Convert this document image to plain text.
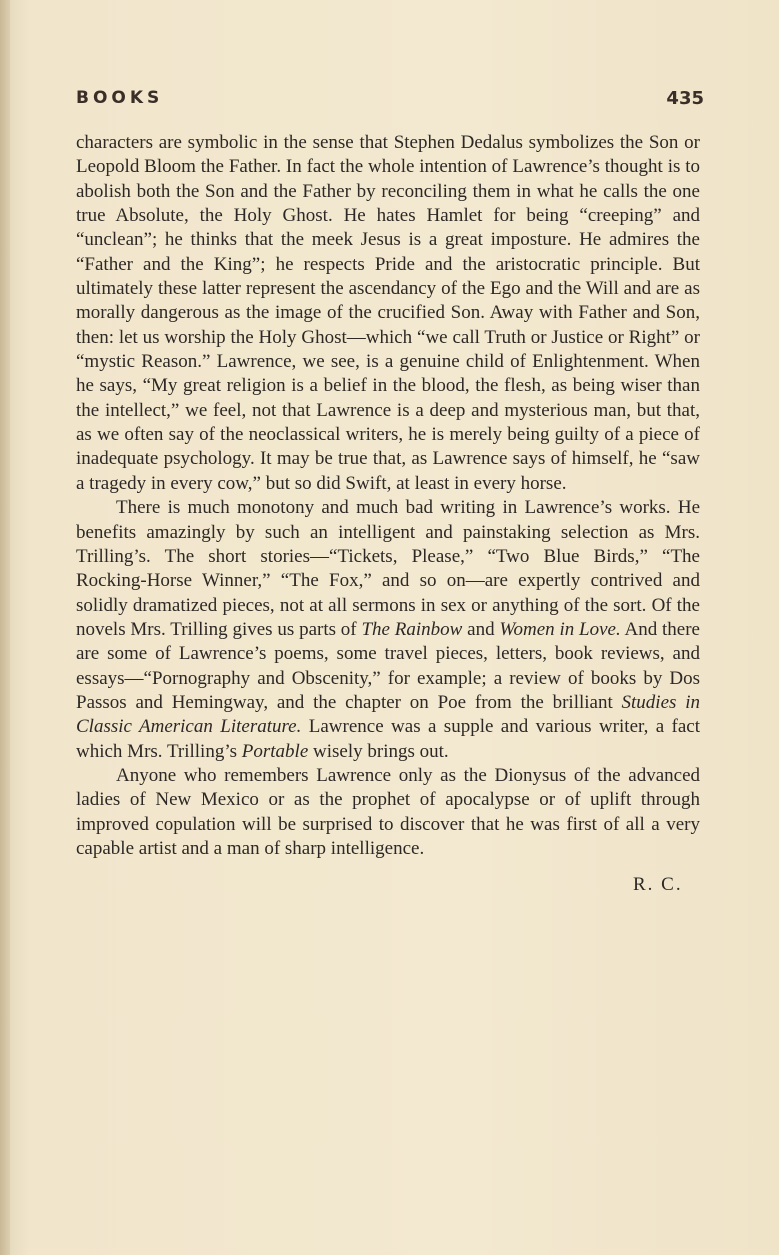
BOOKS	435

characters are symbolic in the sense that Stephen Dedalus symbolizes the Son or Leopold Bloom the Father. In fact the whole intention of Lawrence’s thought is to abolish both the Son and the Father by reconciling them in what he calls the one true Absolute, the Holy Ghost. He hates Hamlet for being “creeping” and “unclean”; he thinks that the meek Jesus is a great imposture. He admires the “Father and the King”; he respects Pride and the aristocratic principle. But ultimately these latter represent the ascendancy of the Ego and the Will and are as morally dangerous as the image of the crucified Son. Away with Father and Son, then: let us worship the Holy Ghost—which “we call Truth or Justice or Right” or “mystic Reason.” Lawrence, we see, is a genuine child of Enlightenment. When he says, “My great religion is a belief in the blood, the flesh, as being wiser than the intellect,” we feel, not that Lawrence is a deep and mysterious man, but that, as we often say of the neoclassical writers, he is merely being guilty of a piece of inadequate psychology. It may be true that, as Lawrence says of himself, he “saw a tragedy in every cow,” but so did Swift, at least in every horse.

There is much monotony and much bad writing in Lawrence’s works. He benefits amazingly by such an intelligent and painstaking selection as Mrs. Trilling’s. The short stories—“Tickets, Please,” “Two Blue Birds,” “The Rocking-Horse Winner,” “The Fox,” and so on—are expertly contrived and solidly dramatized pieces, not at all sermons in sex or anything of the sort. Of the novels Mrs. Trilling gives us parts of The Rainbow and Women in Love. And there are some of Lawrence’s poems, some travel pieces, letters, book reviews, and essays—“Pornography and Obscenity,” for example; a review of books by Dos Passos and Hemingway, and the chapter on Poe from the brilliant Studies in Classic American Literature. Lawrence was a supple and various writer, a fact which Mrs. Trilling’s Portable wisely brings out.

Anyone who remembers Lawrence only as the Dionysus of the advanced ladies of New Mexico or as the prophet of apocalypse or of uplift through improved copulation will be surprised to discover that he was first of all a very capable artist and a man of sharp intelligence.

R. C.
